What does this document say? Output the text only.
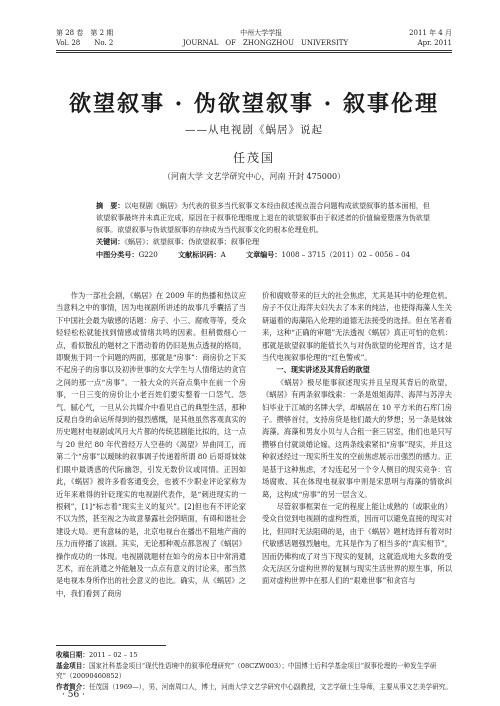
第 28 卷　第 2 期	中州大学学报	2011 年 4 月
Vol. 28　　No. 2	JOURNAL　OF　ZHONGZHOU　UNIVERSITY	Apr. 2011
欲望叙事 · 伪欲望叙事 · 叙事伦理
——从电视剧《蜗居》说起
任茂国
（河南大学 文艺学研究中心，河南 开封 475000）
摘　要：以电视剧《蜗居》为代表的很多当代叙事文本经由叙述视点混合问题构成欲望叙事的基本面相，但欲望叙事最终并未真正完成，原因在于叙事伦理维度上退在的欲望叙事由于叙述者的价值偏爱堕落为伪欲望叙事。欲望叙事与伪欲望叙事的存续成为当代叙事文化的根本伦理危机。
关键词：《蜗居》；欲望叙事；伪欲望叙事；叙事伦理
中图分类号：G220	文献标识码：A	文章编号：1008 – 3715（2011）02 – 0056 – 04

作为一部社会剧，《蜗居》在 2009 年的热播和热议应当意料之中的事情，因为电视剧所讲述的故事几乎囊括了当下中国社会最为敏感的话题：房子、小三、腐败等等，受众轻轻松松就能找到情感或情绪共鸣的因素。但稍微细心一点，看似散乱的题材之下潜动着的仍旧是焦点透视的格局，即聚焦于同一个问题的两面，那就是“房事”：商房价之下买不起房子的房事以及初涉世事的女大学生与人情绪达的贪官之间的那一点“房事”。一般大众的兴奋点集中在前一个房事，一日三变的房价让小老百姓们要实整着一口怨气、怨气、腻心气，一旦从公共媒介中看见自己的典型生活，那种反观自身的命运所得到的强烈感慨，是其他虽然客观真实的历史题材电视剧或风月大片都的传统悲剧能比拟的，这一点与 20 世纪 80 年代曾经万人空巷的《渴望》异曲同工，而第二个“房事”以暧昧的叙事调子传递着所谓 80 后哥哥妹妹们眼中最诱惑的代际幽怨，引发无数价议或同情。正因如此，《蜗居》被许多看客通变会，也被不少职业评论家称为近年来难得的针砭现实的电视剧代表作，是“刺进现实的一根刺”，[1]“标志着“现实主义的复兴”。[2]但也有不评论家不以为然，甚至视之为故意暴露社会阴暗面，有碍和谐社会建设大局。更有意味的是，北京电视台在播出不阻地产商的压力而停播了该剧。其实，无论那种观点都忽视了《蜗居》操作成功的一体现。电视剧就题材在如今的房本日中常消遣艺术，而在消遣之外能触及一点点有意义的讨论来，那当然是电视本身所作出的社会意义的也比。确实，从《蜗居》之中，我们看到了商房

价和腐败带来的巨大的社会焦虑，尤其是其中的伦理危机。房子不仅让海萍夫妇失去了本来的纯洁，也使得海藻人生关研逼着的海藻陷入伦理的道德无法接受的选择。但在笔者看来，这种“正确的审题”无法透视《蜗居》真正可怕的危机：那就是欲望叙事的能值长久与对伪欲望的伦理首肯，这才是当代电视叙事伦理的“红色警戒”。

一、现实讲述及其背后的欲望

《蜗居》极尽能事叙述现实并且呈现其背后的欲望，《蜗居》有两条叙事线索：一条是姐姐海萍、海萍与苏淳夫妇毕业于江城的名牌大学，却蜗居在 10 平方米的石库门房子。攒够首付，支持房贷是他们最大的梦想；另一条是妹妹海藻。海藻和男友小贝与人合租一套三居室，他们也是只写攒够自付就谈婚论嫁。这两条线索紧扣“房事”现实，并且这种叙述经过一现实所生发的空前焦虑展示出强烈的感力。正是基于这种焦虑，才勾连起另一个令人侧目的现实竞争：官场腐败、其在体现电视叙事中则是宋思明与海藻的情欲纠葛，这构成“房事”的另一层含义。

尽管叙事框架在一定的程度上能让成熟的（或职业的）受众自觉到电视剧的虚构性质，因而可以避免直接的现实对比，但同时无法阻碍的是，由于《蜗居》题材选择有着对时代敏感话题强烈触电，尤其是作为了相当多的“真实相节”，因而仍佛构成了对当下现实的复制，这就造成地大多数的受众无法区分虚构世界的复制与现实生活世界的原生事，所以面对虚构世界中在那人们的“艰难世事”和贪官与

收稿日期：2011 – 02 – 15
基金项目：国家社科基金项目“现代性语境中的叙事伦理研究”（08CZW003）；中国博士后科学基金项目“叙事伦理的一种发生学研究”（20090460852）
作者简介：任茂国（1969—），男，河南周口人，博士，河南大学文艺学研究中心副教授，文艺学硕士生导师，主要从事文艺美学研究。
· 56 ·
